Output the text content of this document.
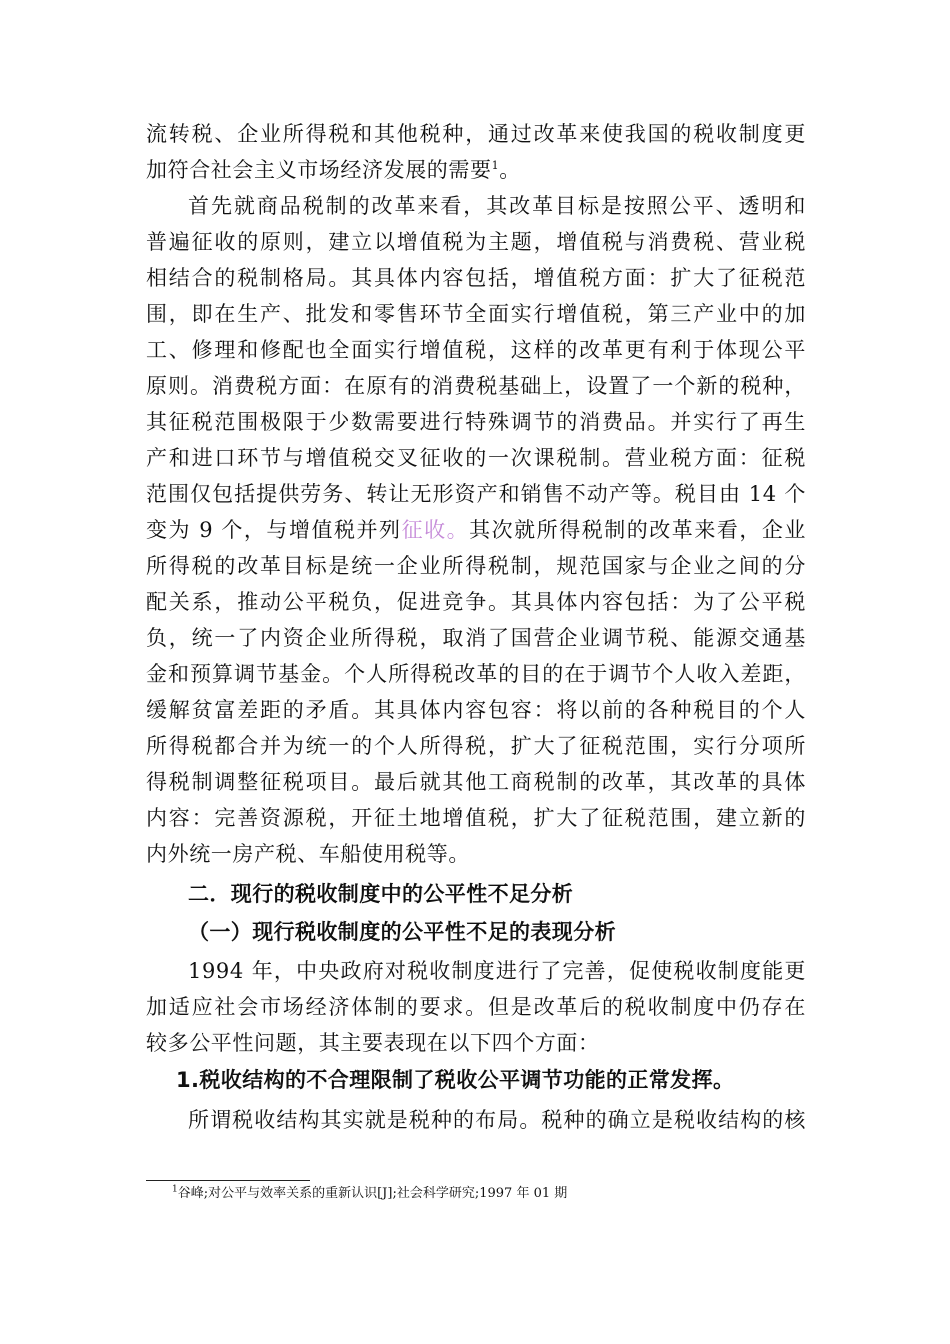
流转税、企业所得税和其他税种，通过改革来使我国的税收制度更
加符合社会主义市场经济发展的需要$^1$。
首先就商品税制的改革来看，其改革目标是按照公平、透明和
普遍征收的原则，建立以增值税为主题，增值税与消费税、营业税
相结合的税制格局。其具体内容包括，增值税方面：扩大了征税范
围，即在生产、批发和零售环节全面实行增值税，第三产业中的加
工、修理和修配也全面实行增值税，这样的改革更有利于体现公平
原则。消费税方面：在原有的消费税基础上，设置了一个新的税种，
其征税范围极限于少数需要进行特殊调节的消费品。并实行了再生
产和进口环节与增值税交叉征收的一次课税制。营业税方面：征税
范围仅包括提供劳务、转让无形资产和销售不动产等。税目由 14 个
变为 9 个，与增值税并列征收。其次就所得税制的改革来看，企业
所得税的改革目标是统一企业所得税制，规范国家与企业之间的分
配关系，推动公平税负，促进竞争。其具体内容包括：为了公平税
负，统一了内资企业所得税，取消了国营企业调节税、能源交通基
金和预算调节基金。个人所得税改革的目的在于调节个人收入差距，
缓解贫富差距的矛盾。其具体内容包容：将以前的各种税目的个人
所得税都合并为统一的个人所得税，扩大了征税范围，实行分项所
得税制调整征税项目。最后就其他工商税制的改革，其改革的具体
内容：完善资源税，开征土地增值税，扩大了征税范围，建立新的
内外统一房产税、车船使用税等。
二．现行的税收制度中的公平性不足分析
（一）现行税收制度的公平性不足的表现分析
1994 年，中央政府对税收制度进行了完善，促使税收制度能更
加适应社会市场经济体制的要求。但是改革后的税收制度中仍存在
较多公平性问题，其主要表现在以下四个方面：
1.税收结构的不合理限制了税收公平调节功能的正常发挥。
所谓税收结构其实就是税种的布局。税种的确立是税收结构的核
$^1$谷峰;对公平与效率关系的重新认识[J];社会科学研究;1997 年 01 期
